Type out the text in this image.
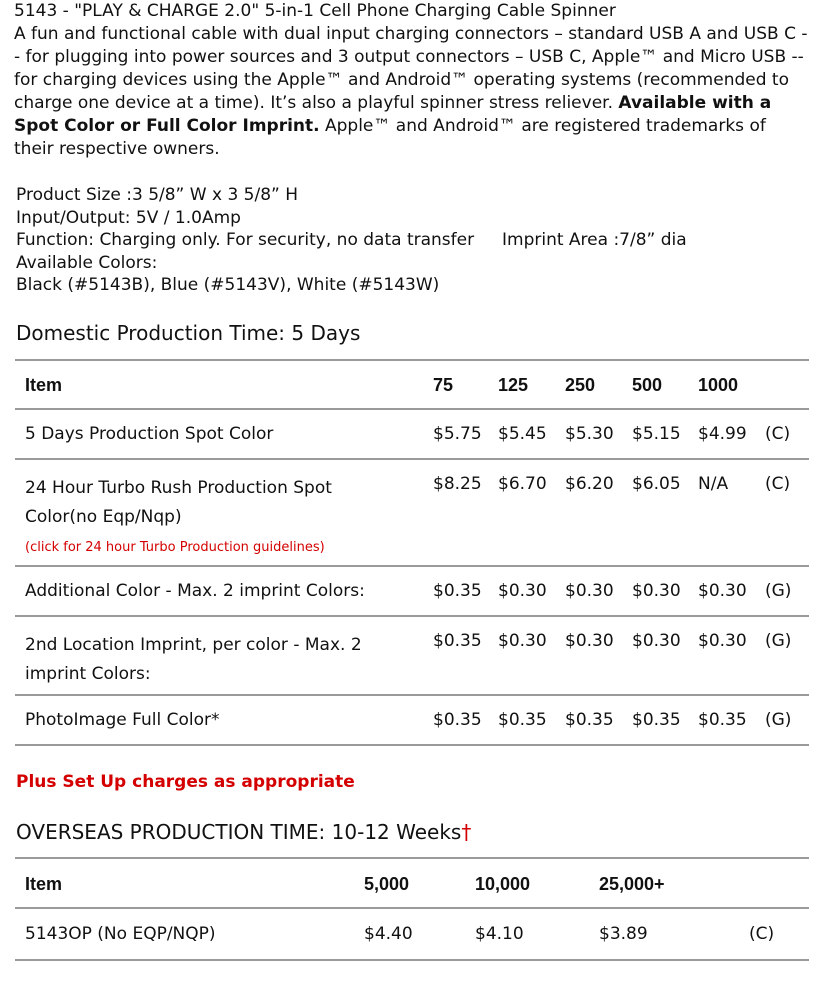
5143 - "PLAY & CHARGE 2.0" 5-in-1 Cell Phone Charging Cable Spinner
A fun and functional cable with dual input charging connectors – standard USB A and USB C -- for plugging into power sources and 3 output connectors – USB C, Apple™ and Micro USB -- for charging devices using the Apple™ and Android™ operating systems (recommended to charge one device at a time). It’s also a playful spinner stress reliever. Available with a Spot Color or Full Color Imprint. Apple™ and Android™ are registered trademarks of their respective owners.
Product Size :3 5/8” W x 3 5/8” H
Input/Output: 5V / 1.0Amp
Function: Charging only. For security, no data transfer	Imprint Area :7/8” dia
Available Colors:
Black (#5143B), Blue (#5143V), White (#5143W)
Domestic Production Time: 5 Days
Item	75	125	250	500	1000	
5 Days Production Spot Color	$5.75	$5.45	$5.30	$5.15	$4.99	(C)
24 Hour Turbo Rush Production Spot Color(no Eqp/Nqp)
(click for 24 hour Turbo Production guidelines)	$8.25	$6.70	$6.20	$6.05	N/A	(C)
Additional Color - Max. 2 imprint Colors:	$0.35	$0.30	$0.30	$0.30	$0.30	(G)
2nd Location Imprint, per color - Max. 2 imprint Colors:	$0.35	$0.30	$0.30	$0.30	$0.30	(G)
PhotoImage Full Color*	$0.35	$0.35	$0.35	$0.35	$0.35	(G)
Plus Set Up charges as appropriate
OVERSEAS PRODUCTION TIME: 10-12 Weeks†
Item	5,000	10,000	25,000+	
5143OP (No EQP/NQP)	$4.40	$4.10	$3.89	(C)
